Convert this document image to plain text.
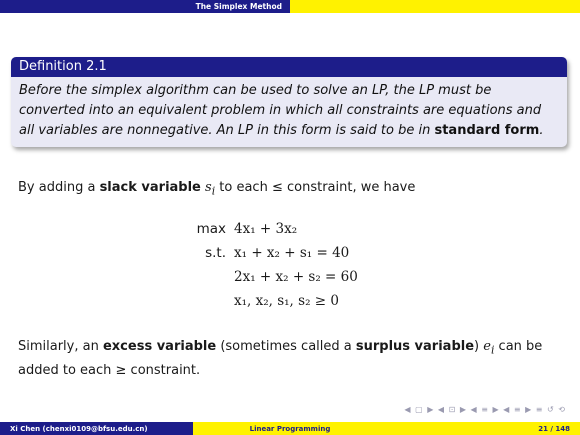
The Simplex Method
Definition 2.1
Before the simplex algorithm can be used to solve an LP, the LP must be converted into an equivalent problem in which all constraints are equations and all variables are nonnegative. An LP in this form is said to be in standard form.
By adding a slack variable $s_i$ to each ≤ constraint, we have
max 4x₁ + 3x₂
s.t. x₁ + x₂ + s₁ = 40
2x₁ + x₂ + s₂ = 60
x₁, x₂, s₁, s₂ ≥ 0
Similarly, an excess variable (sometimes called a surplus variable) $e_i$ can be added to each ≥ constraint.
◀ ▢ ▶ ◀ ⊡ ▶ ◀ ≡ ▶ ◀ ≡ ▶ ≡ ↺ ⟲
Xi Chen (chenxi0109@bfsu.edu.cn)	Linear Programming	21 / 148
